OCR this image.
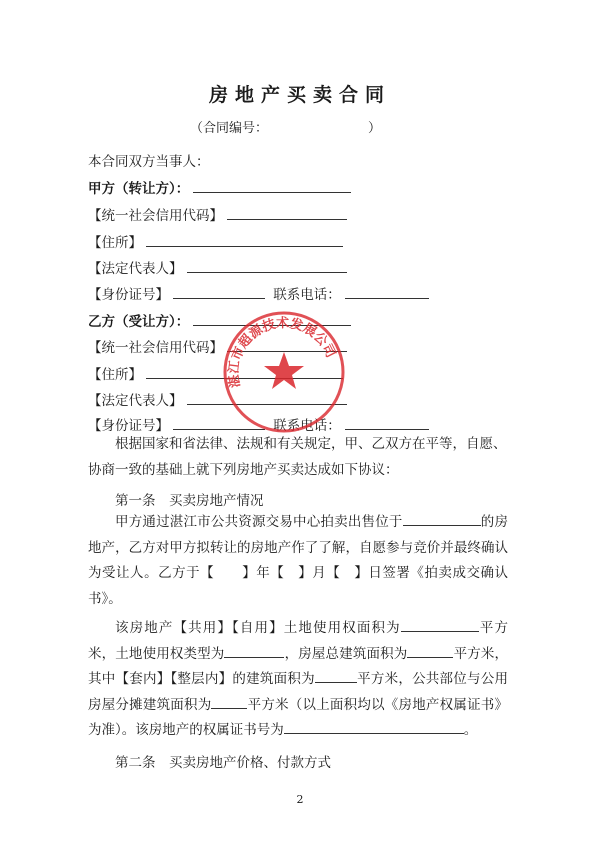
房地产买卖合同
（合同编号：	）
本合同双方当事人：
甲方（转让方）：
【统一社会信用代码】
【住所】
【法定代表人】
【身份证号】	联系电话：
乙方（受让方）：
【统一社会信用代码】
【住所】
【法定代表人】
【身份证号】	联系电话：
根据国家和省法律、法规和有关规定，甲、乙双方在平等，自愿、
协商一致的基础上就下列房地产买卖达成如下协议：
第一条　买卖房地产情况
甲方通过湛江市公共资源交易中心拍卖出售位于	的房地产，乙方对甲方拟转让的房地产作了了解，自愿参与竞价并最终确认为受让人。乙方于【　　】年【　】月【　】日签署《拍卖成交确认书》。
该房地产【共用】【自用】土地使用权面积为	平方米，土地使用权类型为	，房屋总建筑面积为	平方米，其中【套内】【整层内】的建筑面积为	平方米，公共部位与公用房屋分摊建筑面积为	平方米（以上面积均以《房地产权属证书》为准）。该房地产的权属证书号为	。
第二条　买卖房地产价格、付款方式
2
湛江市超源技术发展公司
